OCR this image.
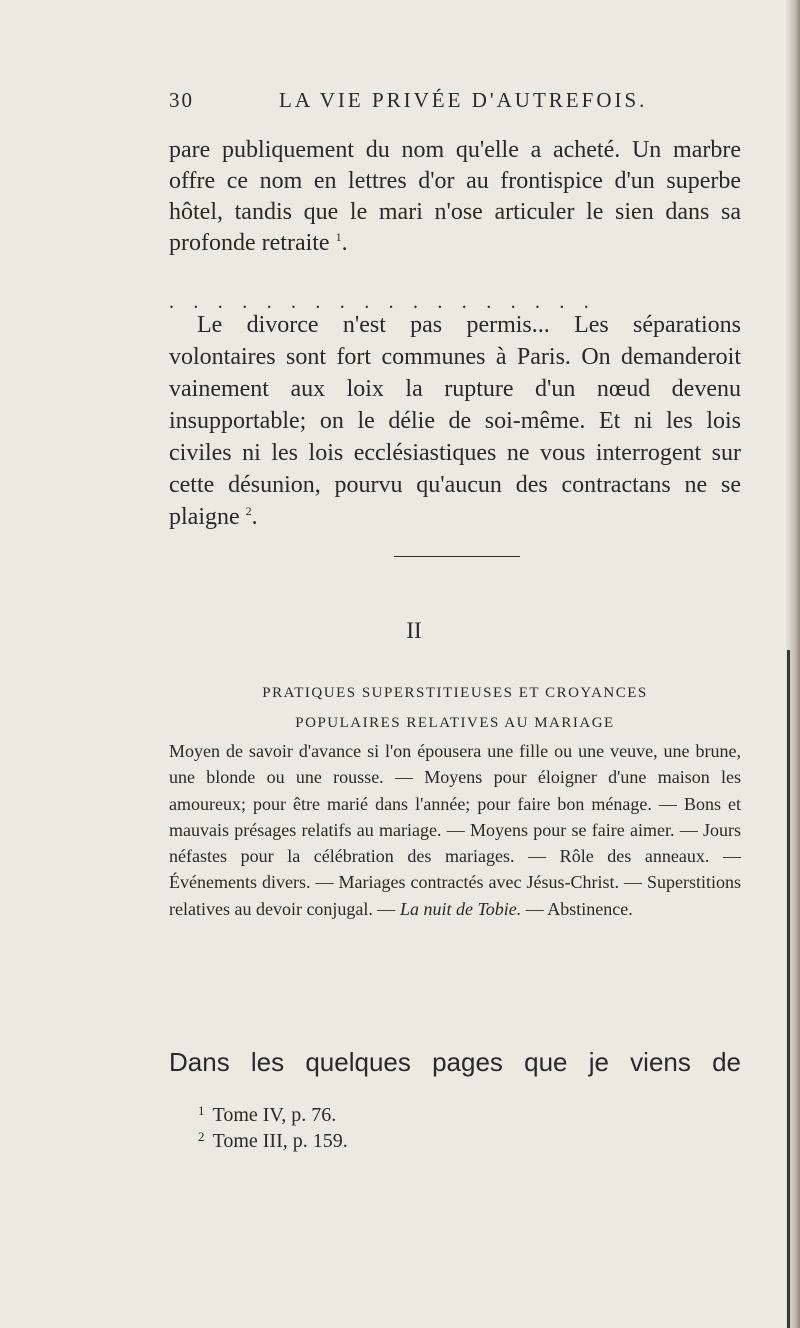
30	LA VIE PRIVÉE D'AUTREFOIS.

pare publiquement du nom qu'elle a acheté. Un marbre offre ce nom en lettres d'or au frontispice d'un superbe hôtel, tandis que le mari n'ose articuler le sien dans sa profonde retraite $^1$.

. . . . . . . . . . . . . . . . . .
Le divorce n'est pas permis... Les séparations volontaires sont fort communes à Paris. On demanderoit vainement aux loix la rupture d'un nœud devenu insupportable; on le délie de soi-même. Et ni les lois civiles ni les lois ecclésiastiques ne vous interrogent sur cette désunion, pourvu qu'aucun des contractans ne se plaigne $^2$.
II
PRATIQUES SUPERSTITIEUSES ET CROYANCES
POPULAIRES RELATIVES AU MARIAGE
Moyen de savoir d'avance si l'on épousera une fille ou une veuve, une brune, une blonde ou une rousse. — Moyens pour éloigner d'une maison les amoureux; pour être marié dans l'année; pour faire bon ménage. — Bons et mauvais présages relatifs au mariage. — Moyens pour se faire aimer. — Jours néfastes pour la célébration des mariages. — Rôle des anneaux. — Événements divers. — Mariages contractés avec Jésus-Christ. — Superstitions relatives au devoir conjugal. — La nuit de Tobie. — Abstinence.
Dans les quelques pages que je viens de
$^1$ Tome IV, p. 76.
$^2$ Tome III, p. 159.
